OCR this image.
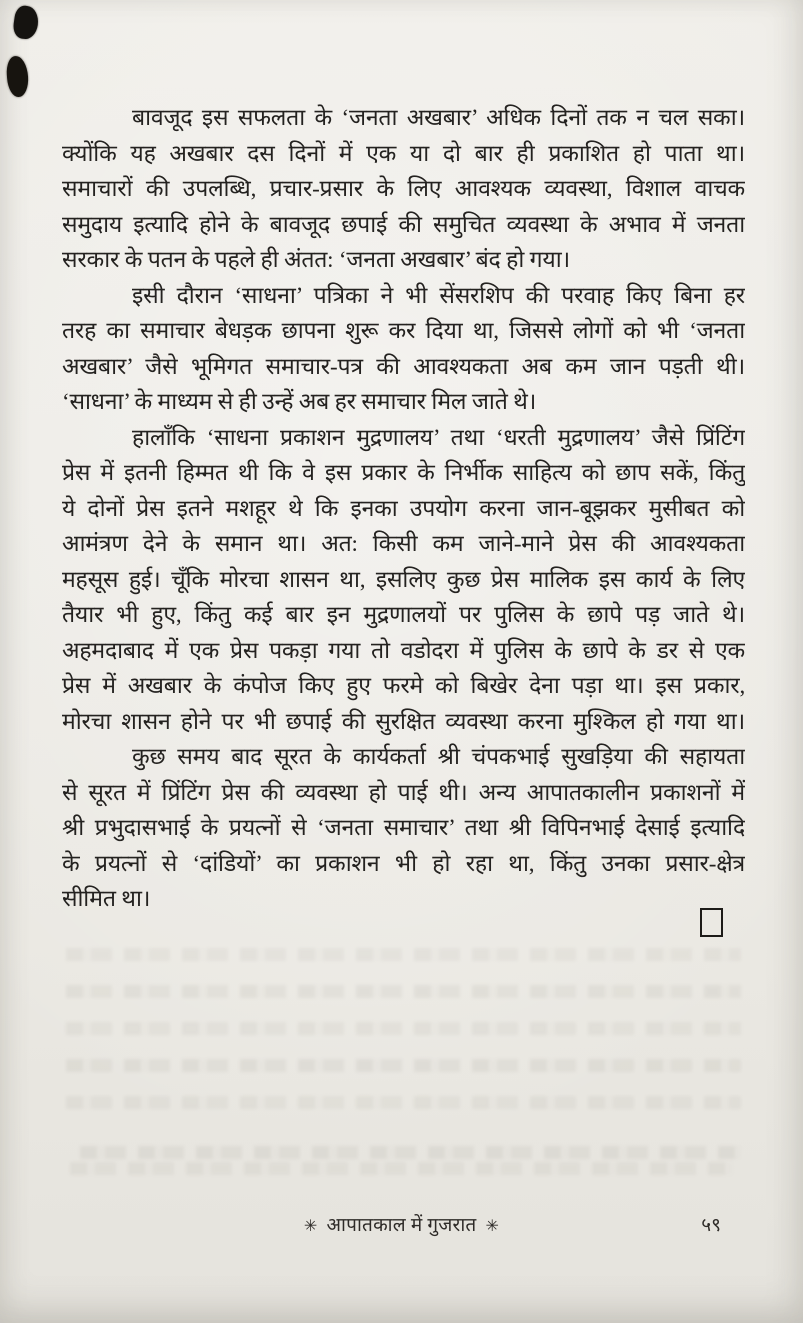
बावजूद इस सफलता के ‘जनता अखबार’ अधिक दिनों तक न चल सका।
क्योंकि यह अखबार दस दिनों में एक या दो बार ही प्रकाशित हो पाता था।
समाचारों की उपलब्धि, प्रचार-प्रसार के लिए आवश्यक व्यवस्था, विशाल वाचक
समुदाय इत्यादि होने के बावजूद छपाई की समुचित व्यवस्था के अभाव में जनता
सरकार के पतन के पहले ही अंतत: ‘जनता अखबार’ बंद हो गया।
इसी दौरान ‘साधना’ पत्रिका ने भी सेंसरशिप की परवाह किए बिना हर
तरह का समाचार बेधड़क छापना शुरू कर दिया था, जिससे लोगों को भी ‘जनता
अखबार’ जैसे भूमिगत समाचार-पत्र की आवश्यकता अब कम जान पड़ती थी।
‘साधना’ के माध्यम से ही उन्हें अब हर समाचार मिल जाते थे।
हालाँकि ‘साधना प्रकाशन मुद्रणालय’ तथा ‘धरती मुद्रणालय’ जैसे प्रिंटिंग
प्रेस में इतनी हिम्मत थी कि वे इस प्रकार के निर्भीक साहित्य को छाप सकें, किंतु
ये दोनों प्रेस इतने मशहूर थे कि इनका उपयोग करना जान-बूझकर मुसीबत को
आमंत्रण देने के समान था। अत: किसी कम जाने-माने प्रेस की आवश्यकता
महसूस हुई। चूँकि मोरचा शासन था, इसलिए कुछ प्रेस मालिक इस कार्य के लिए
तैयार भी हुए, किंतु कई बार इन मुद्रणालयों पर पुलिस के छापे पड़ जाते थे।
अहमदाबाद में एक प्रेस पकड़ा गया तो वडोदरा में पुलिस के छापे के डर से एक
प्रेस में अखबार के कंपोज किए हुए फरमे को बिखेर देना पड़ा था। इस प्रकार,
मोरचा शासन होने पर भी छपाई की सुरक्षित व्यवस्था करना मुश्किल हो गया था।
कुछ समय बाद सूरत के कार्यकर्ता श्री चंपकभाई सुखड़िया की सहायता
से सूरत में प्रिंटिंग प्रेस की व्यवस्था हो पाई थी। अन्य आपातकालीन प्रकाशनों में
श्री प्रभुदासभाई के प्रयत्नों से ‘जनता समाचार’ तथा श्री विपिनभाई देसाई इत्यादि
के प्रयत्नों से ‘दांडियों’ का प्रकाशन भी हो रहा था, किंतु उनका प्रसार-क्षेत्र
सीमित था।
✳ आपातकाल में गुजरात ✳	५९
